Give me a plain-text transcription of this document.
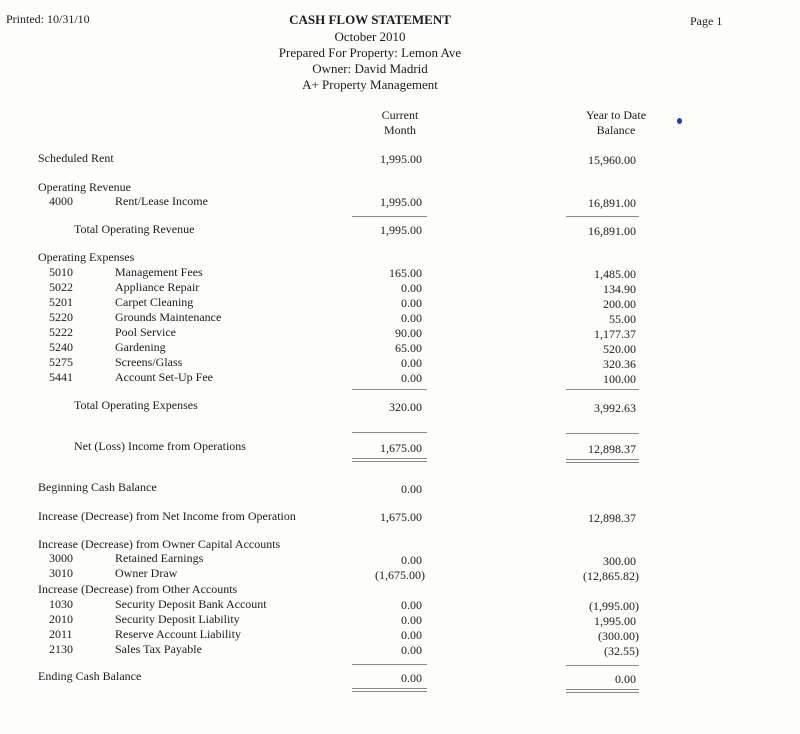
Printed: 10/31/10	Page 1
CASH FLOW STATEMENT
October 2010
Prepared For Property: Lemon Ave
Owner: David Madrid
A+ Property Management
Current
Month
Year to Date
Balance
Scheduled Rent	1,995.00	15,960.00
Operating Revenue
4000	Rent/Lease Income	1,995.00	16,891.00
Total Operating Revenue	1,995.00	16,891.00
Operating Expenses
5010	Management Fees	165.00	1,485.00
5022	Appliance Repair	0.00	134.90
5201	Carpet Cleaning	0.00	200.00
5220	Grounds Maintenance	0.00	55.00
5222	Pool Service	90.00	1,177.37
5240	Gardening	65.00	520.00
5275	Screens/Glass	0.00	320.36
5441	Account Set-Up Fee	0.00	100.00
Total Operating Expenses	320.00	3,992.63
Net (Loss) Income from Operations	1,675.00	12,898.37
Beginning Cash Balance	0.00
Increase (Decrease) from Net Income from Operation	1,675.00	12,898.37
Increase (Decrease) from Owner Capital Accounts
3000	Retained Earnings	0.00	300.00
3010	Owner Draw	(1,675.00)	(12,865.82)
Increase (Decrease) from Other Accounts
1030	Security Deposit Bank Account	0.00	(1,995.00)
2010	Security Deposit Liability	0.00	1,995.00
2011	Reserve Account Liability	0.00	(300.00)
2130	Sales Tax Payable	0.00	(32.55)
Ending Cash Balance	0.00	0.00
